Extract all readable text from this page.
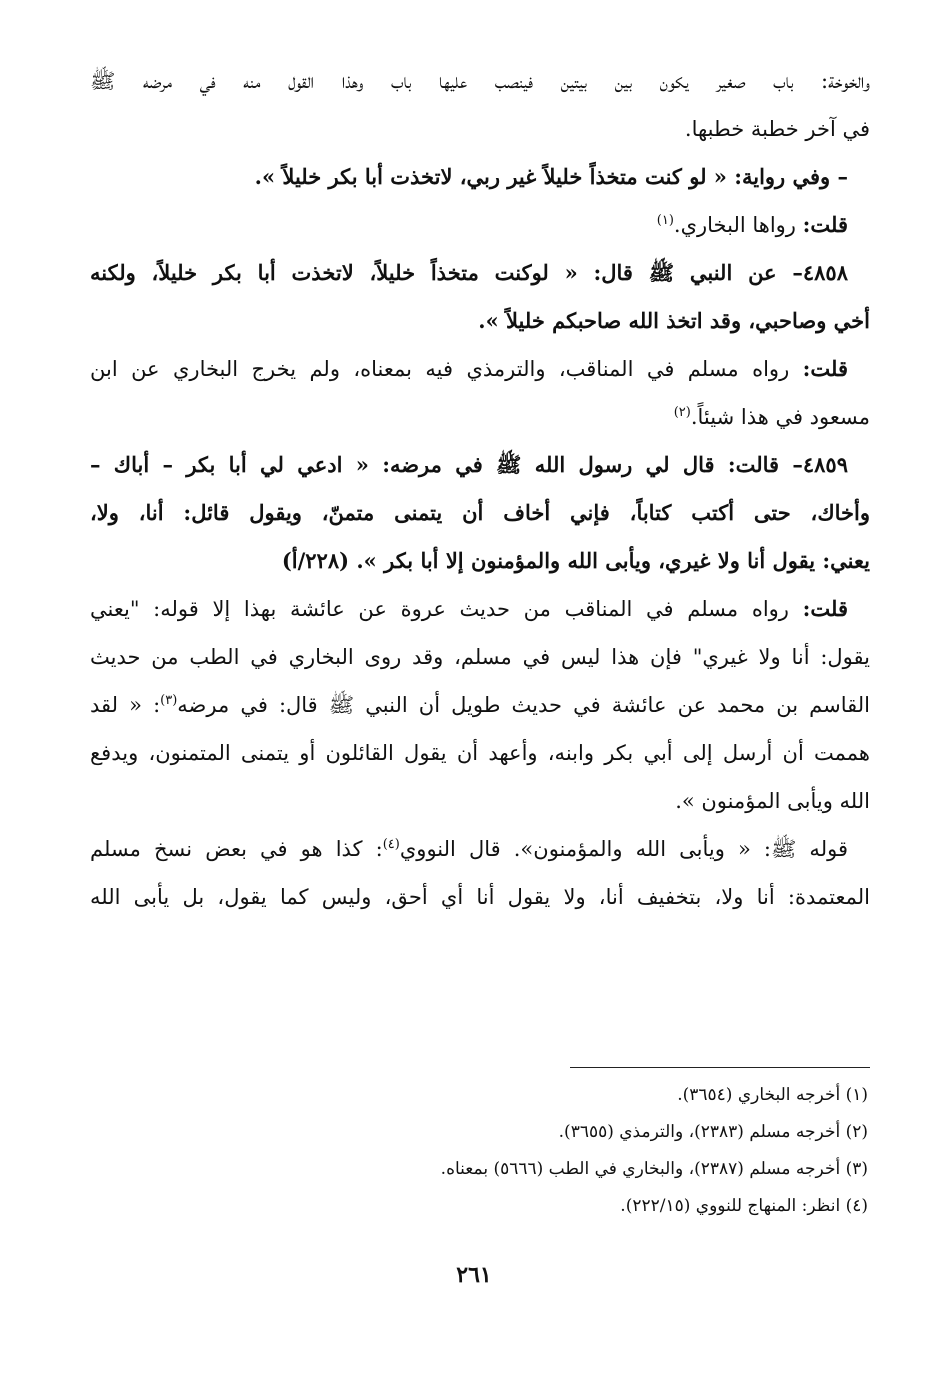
والخوخة: باب صغير يكون بين بيتين فينصب عليها باب وهذا القول منه في مرضه ﷺ

في آخر خطبة خطبها.

– وفي رواية: « لو كنت متخذاً خليلاً غير ربي، لاتخذت أبا بكر خليلاً ».

قلت: رواها البخاري.$^{(١)}$

٤٨٥٨– عن النبي ﷺ قال: « لوكنت متخذاً خليلاً، لاتخذت أبا بكر خليلاً، ولكنه

أخي وصاحبي، وقد اتخذ الله صاحبكم خليلاً ».

قلت: رواه مسلم في المناقب، والترمذي فيه بمعناه، ولم يخرج البخاري عن ابن

مسعود في هذا شيئاً.$^{(٢)}$

٤٨٥٩– قالت: قال لي رسول الله ﷺ في مرضه: « ادعي لي أبا بكر – أباك –

وأخاك، حتى أكتب كتاباً، فإني أخاف أن يتمنى متمنّ، ويقول قائل: أنا، ولا،

يعني: يقول أنا ولا غيري، ويأبى الله والمؤمنون إلا أبا بكر ». (٢٢٨/أ)

قلت: رواه مسلم في المناقب من حديث عروة عن عائشة بهذا إلا قوله: "يعني

يقول: أنا ولا غيري" فإن هذا ليس في مسلم، وقد روى البخاري في الطب من حديث

القاسم بن محمد عن عائشة في حديث طويل أن النبي ﷺ قال: في مرضه$^{(٣)}$: « لقد

هممت أن أرسل إلى أبي بكر وابنه، وأعهد أن يقول القائلون أو يتمنى المتمنون، ويدفع

الله ويأبى المؤمنون ».

قوله ﷺ: « ويأبى الله والمؤمنون». قال النووي$^{(٤)}$: كذا هو في بعض نسخ مسلم

المعتمدة: أنا ولا، بتخفيف أنا، ولا يقول أنا أي أحق، وليس كما يقول، بل يأبى الله

(١) أخرجه البخاري (٣٦٥٤).

(٢) أخرجه مسلم (٢٣٨٣)، والترمذي (٣٦٥٥).

(٣) أخرجه مسلم (٢٣٨٧)، والبخاري في الطب (٥٦٦٦) بمعناه.

(٤) انظر: المنهاج للنووي (٢٢٢/١٥).

٢٦١
